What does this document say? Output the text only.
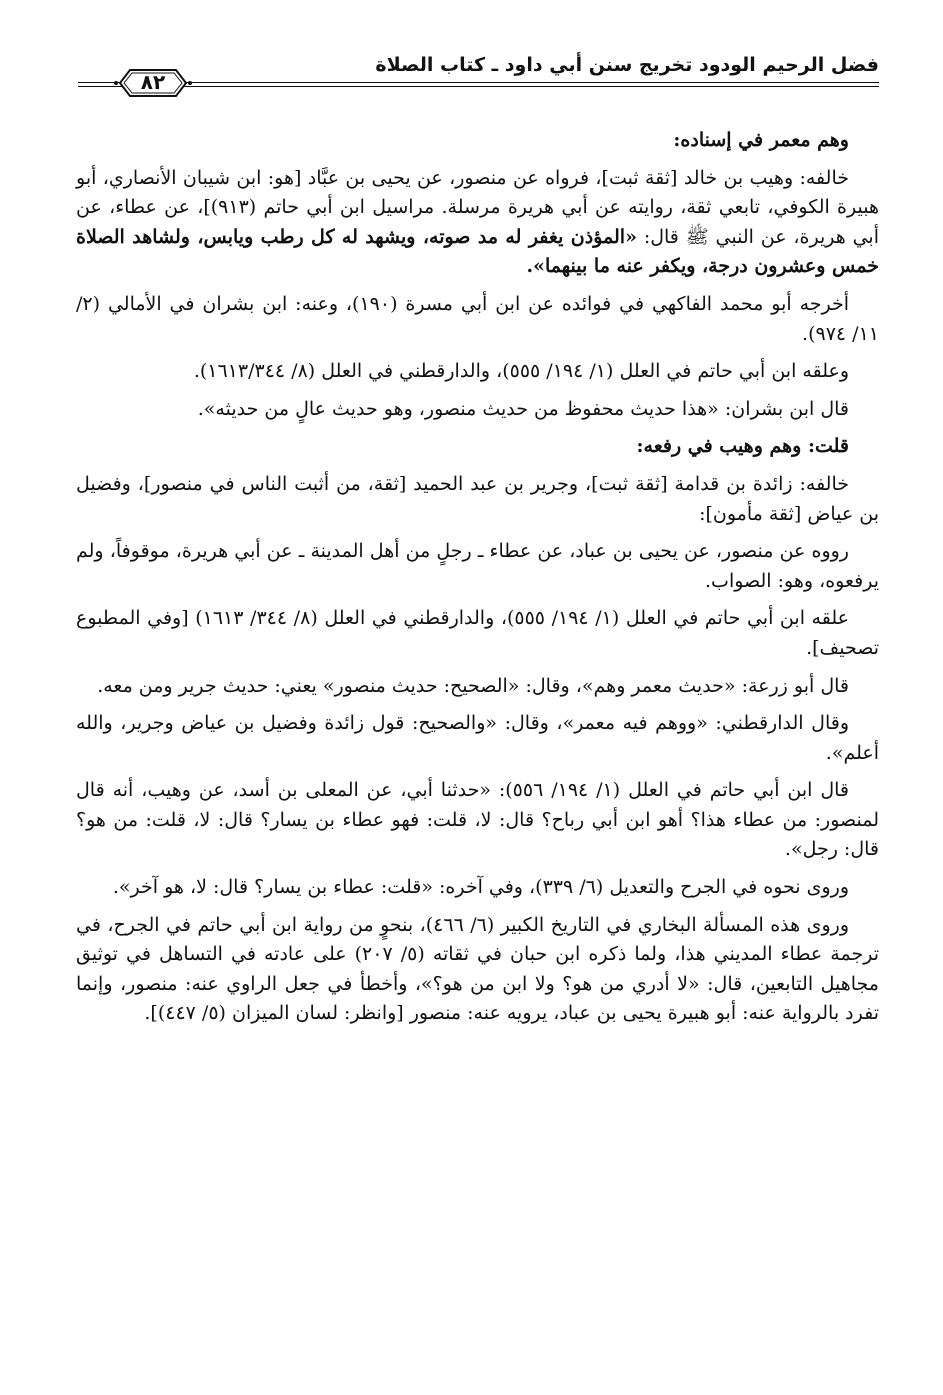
فضل الرحيم الودود تخريج سنن أبي داود ـ كتاب الصلاة
٨٢

وهم معمر في إسناده:

خالفه: وهيب بن خالد [ثقة ثبت]، فرواه عن منصور، عن يحيى بن عبَّاد [هو: ابن شيبان الأنصاري، أبو هبيرة الكوفي، تابعي ثقة، روايته عن أبي هريرة مرسلة. مراسيل ابن أبي حاتم (٩١٣)]، عن عطاء، عن أبي هريرة، عن النبي ﷺ قال: «المؤذن يغفر له مد صوته، ويشهد له كل رطب ويابس، ولشاهد الصلاة خمس وعشرون درجة، ويكفر عنه ما بينهما».

أخرجه أبو محمد الفاكهي في فوائده عن ابن أبي مسرة (١٩٠)، وعنه: ابن بشران في الأمالي (٢/ ١١/ ٩٧٤).

وعلقه ابن أبي حاتم في العلل (١/ ١٩٤/ ٥٥٥)، والدارقطني في العلل (٨/ ١٦١٣/٣٤٤).

قال ابن بشران: «هذا حديث محفوظ من حديث منصور، وهو حديث عالٍ من حديثه».

قلت: وهم وهيب في رفعه:

خالفه: زائدة بن قدامة [ثقة ثبت]، وجرير بن عبد الحميد [ثقة، من أثبت الناس في منصور]، وفضيل بن عياض [ثقة مأمون]:

رووه عن منصور، عن يحيى بن عباد، عن عطاء ـ رجلٍ من أهل المدينة ـ عن أبي هريرة، موقوفاً، ولم يرفعوه، وهو: الصواب.

علقه ابن أبي حاتم في العلل (١/ ١٩٤/ ٥٥٥)، والدارقطني في العلل (٨/ ٣٤٤/ ١٦١٣) [وفي المطبوع تصحيف].

قال أبو زرعة: «حديث معمر وهم»، وقال: «الصحيح: حديث منصور» يعني: حديث جرير ومن معه.

وقال الدارقطني: «ووهم فيه معمر»، وقال: «والصحيح: قول زائدة وفضيل بن عياض وجرير، والله أعلم».

قال ابن أبي حاتم في العلل (١/ ١٩٤/ ٥٥٦): «حدثنا أبي، عن المعلى بن أسد، عن وهيب، أنه قال لمنصور: من عطاء هذا؟ أهو ابن أبي رباح؟ قال: لا، قلت: فهو عطاء بن يسار؟ قال: لا، قلت: من هو؟ قال: رجل».

وروى نحوه في الجرح والتعديل (٦/ ٣٣٩)، وفي آخره: «قلت: عطاء بن يسار؟ قال: لا، هو آخر».

وروى هذه المسألة البخاري في التاريخ الكبير (٦/ ٤٦٦)، بنحوٍ من رواية ابن أبي حاتم في الجرح، في ترجمة عطاء المديني هذا، ولما ذكره ابن حبان في ثقاته (٥/ ٢٠٧) على عادته في التساهل في توثيق مجاهيل التابعين، قال: «لا أدري من هو؟ ولا ابن من هو؟»، وأخطأ في جعل الراوي عنه: منصور، وإنما تفرد بالرواية عنه: أبو هبيرة يحيى بن عباد، يرويه عنه: منصور [وانظر: لسان الميزان (٥/ ٤٤٧)].
